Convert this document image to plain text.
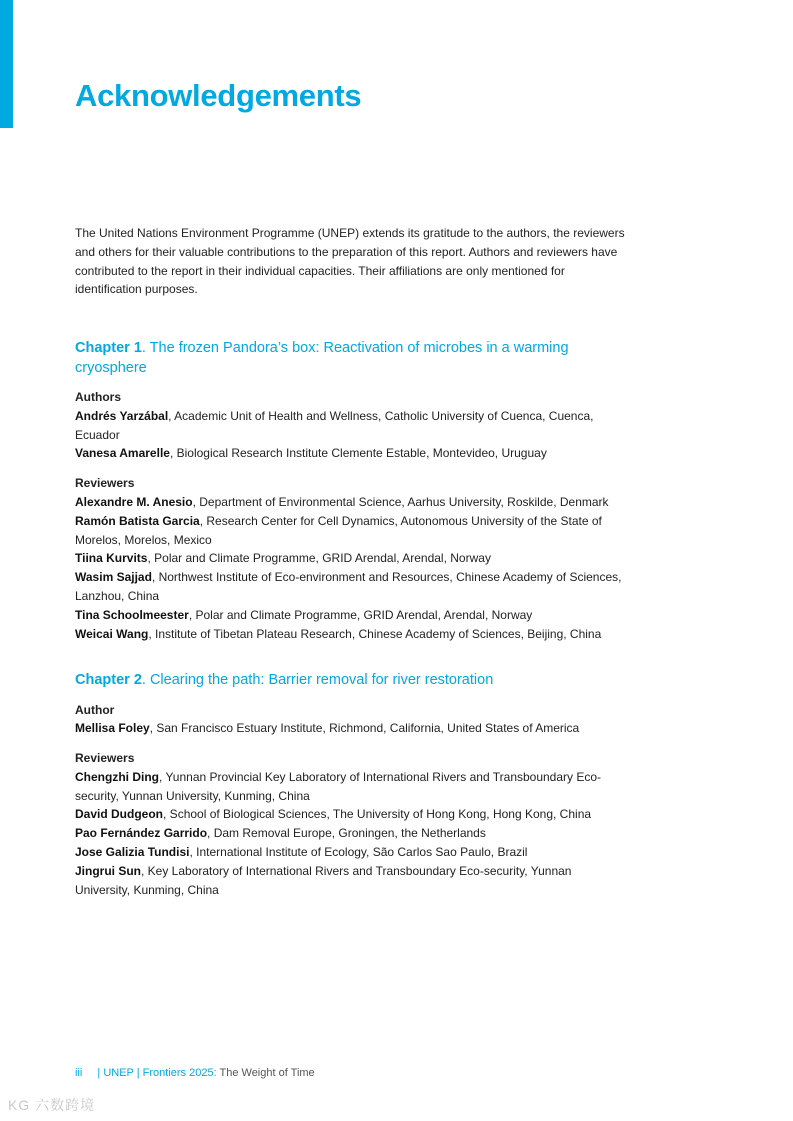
Acknowledgements

The United Nations Environment Programme (UNEP) extends its gratitude to the authors, the reviewers and others for their valuable contributions to the preparation of this report. Authors and reviewers have contributed to the report in their individual capacities. Their affiliations are only mentioned for identification purposes.

Chapter 1. The frozen Pandora’s box: Reactivation of microbes in a warming cryosphere

Authors

Andrés Yarzábal, Academic Unit of Health and Wellness, Catholic University of Cuenca, Cuenca, Ecuador

Vanesa Amarelle, Biological Research Institute Clemente Estable, Montevideo, Uruguay

Reviewers

Alexandre M. Anesio, Department of Environmental Science, Aarhus University, Roskilde, Denmark

Ramón Batista Garcia, Research Center for Cell Dynamics, Autonomous University of the State of Morelos, Morelos, Mexico

Tiina Kurvits, Polar and Climate Programme, GRID Arendal, Arendal, Norway

Wasim Sajjad, Northwest Institute of Eco-environment and Resources, Chinese Academy of Sciences, Lanzhou, China

Tina Schoolmeester, Polar and Climate Programme, GRID Arendal, Arendal, Norway

Weicai Wang, Institute of Tibetan Plateau Research, Chinese Academy of Sciences, Beijing, China

Chapter 2. Clearing the path: Barrier removal for river restoration

Author

Mellisa Foley, San Francisco Estuary Institute, Richmond, California, United States of America

Reviewers

Chengzhi Ding, Yunnan Provincial Key Laboratory of International Rivers and Transboundary Eco-security, Yunnan University, Kunming, China

David Dudgeon, School of Biological Sciences, The University of Hong Kong, Hong Kong, China

Pao Fernández Garrido, Dam Removal Europe, Groningen, the Netherlands

Jose Galizia Tundisi, International Institute of Ecology, São Carlos Sao Paulo, Brazil

Jingrui Sun, Key Laboratory of International Rivers and Transboundary Eco-security, Yunnan University, Kunming, China

iii | UNEP | Frontiers 2025: The Weight of Time
KG 六数跨境
